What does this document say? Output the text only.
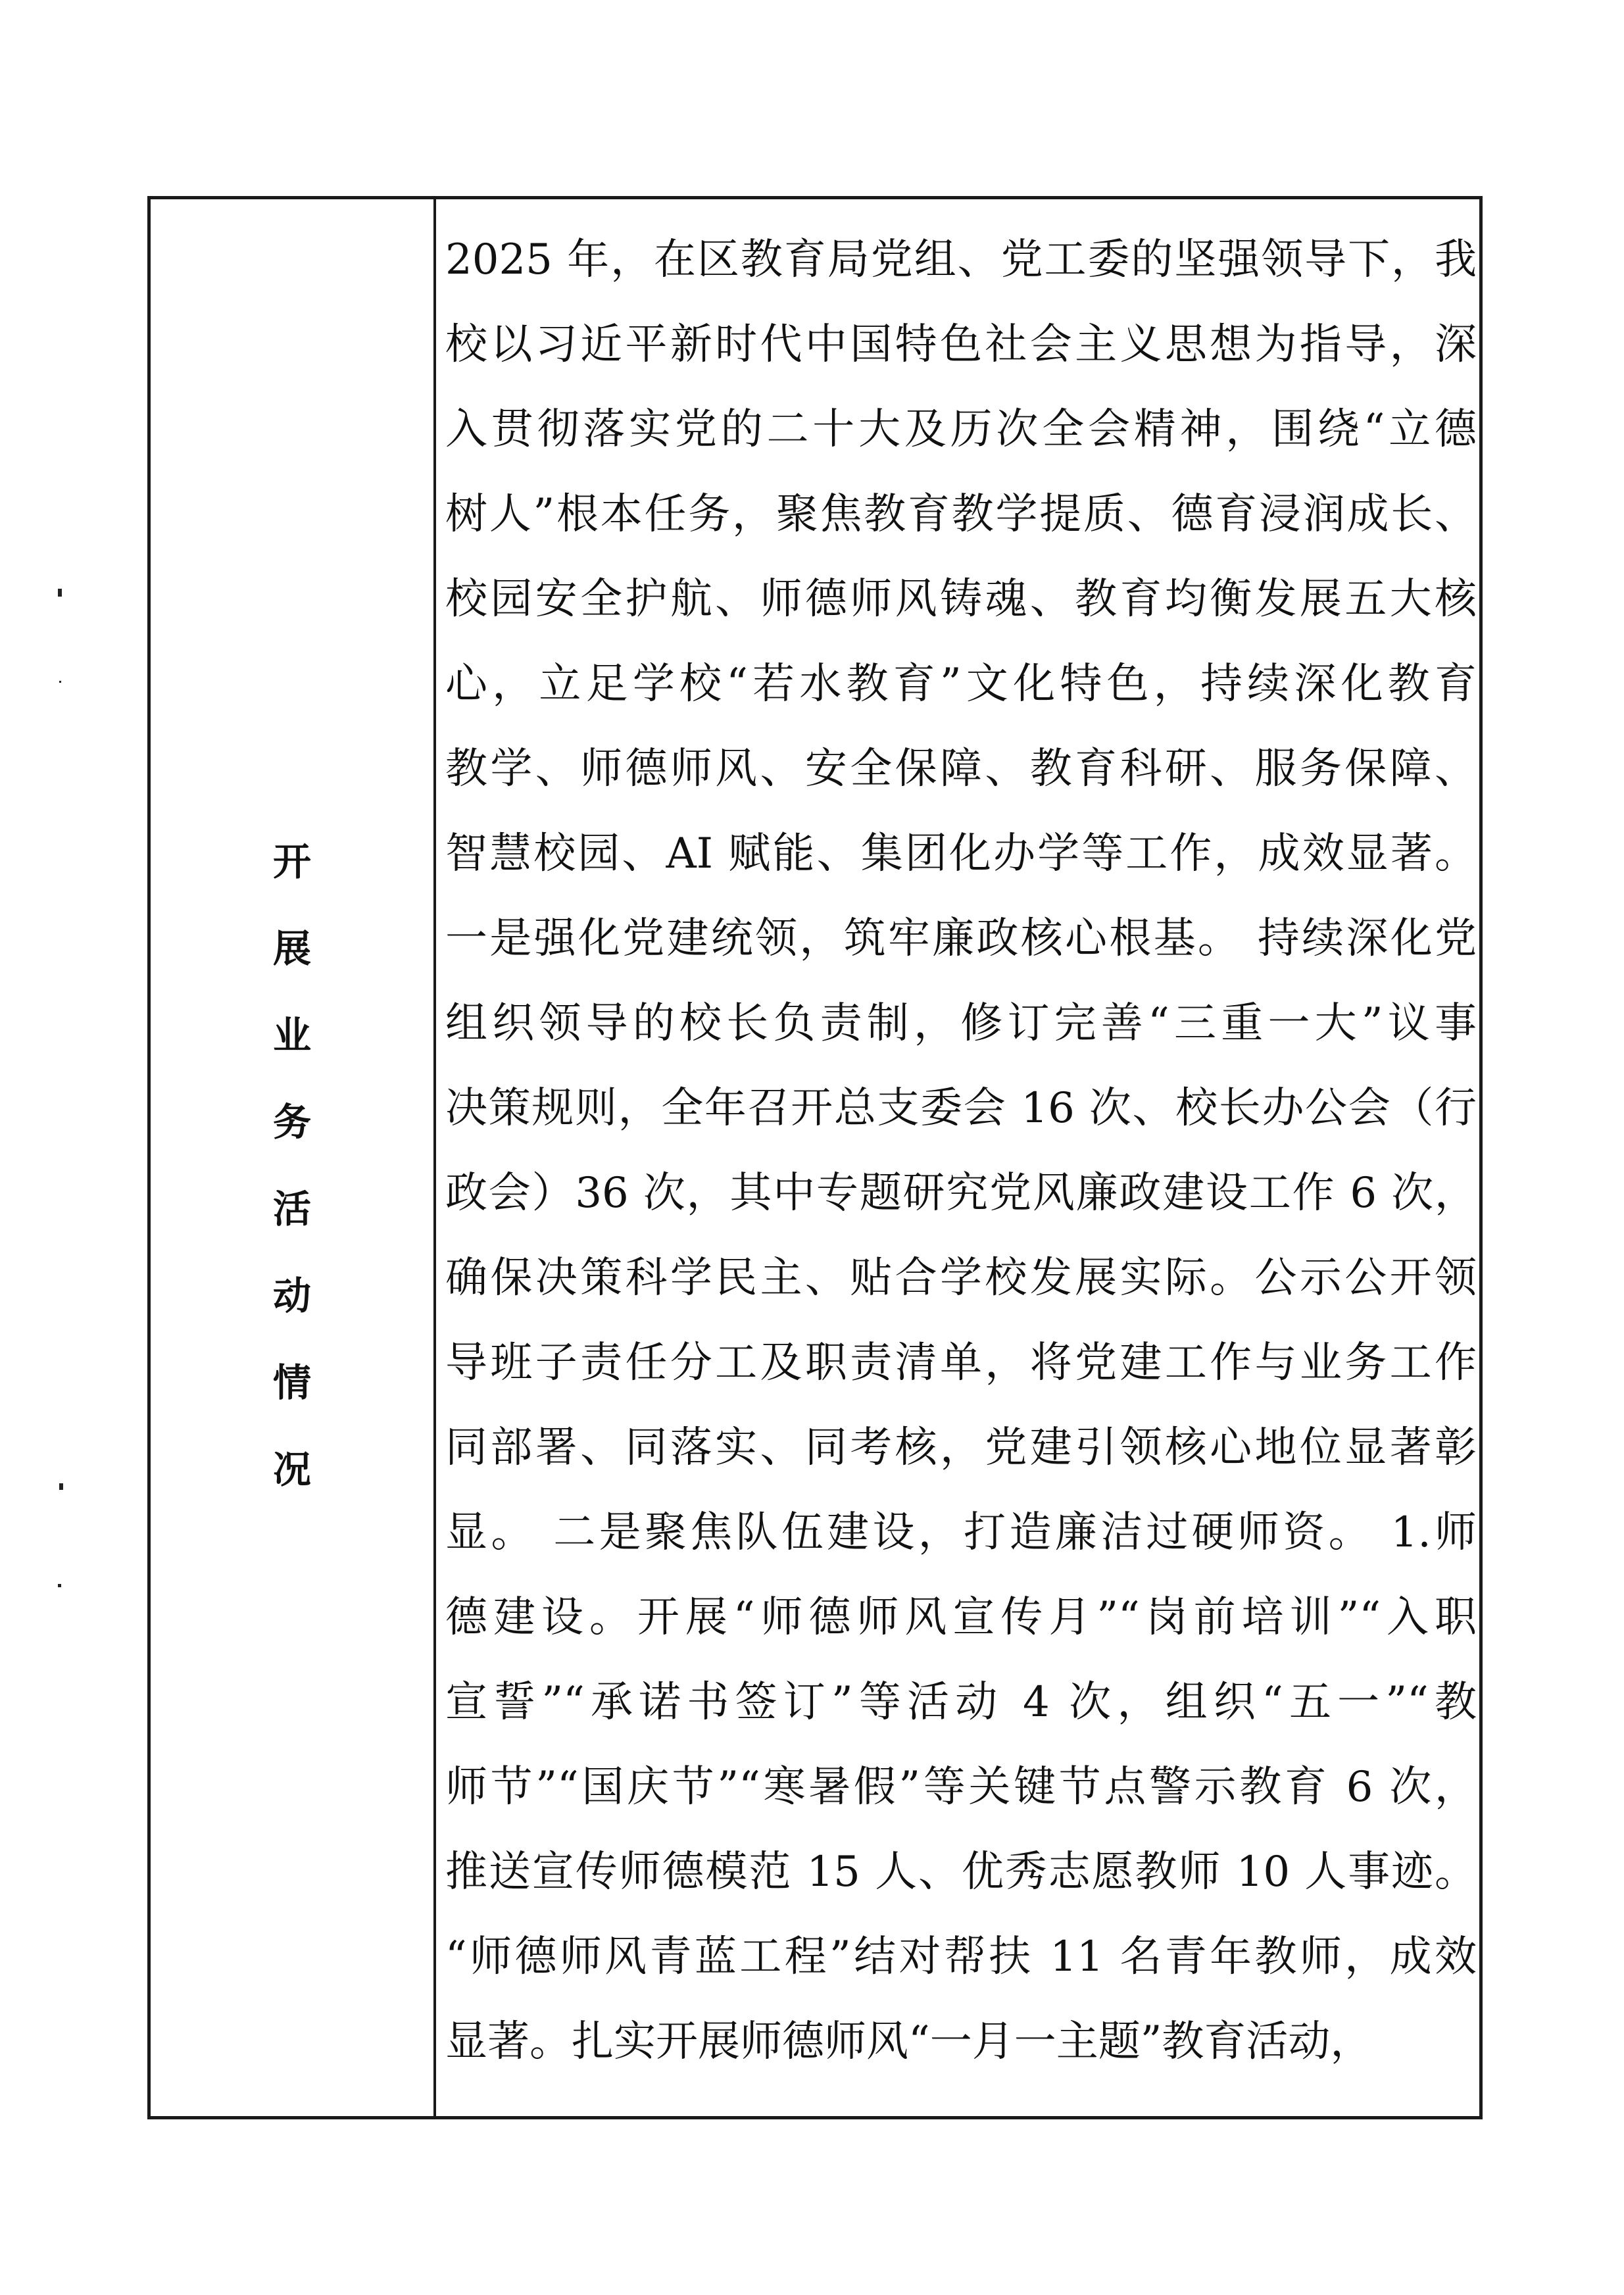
开
展
业
务
活
动
情
况
2025 年，在区教育局党组、党工委的坚强领导下，我
校以习近平新时代中国特色社会主义思想为指导，深
入贯彻落实党的二十大及历次全会精神，围绕“立德
树人”根本任务，聚焦教育教学提质、德育浸润成长、
校园安全护航、师德师风铸魂、教育均衡发展五大核
心，立足学校“若水教育”文化特色，持续深化教育
教学、师德师风、安全保障、教育科研、服务保障、
智慧校园、AI 赋能、集团化办学等工作，成效显著。
一是强化党建统领，筑牢廉政核心根基。 持续深化党
组织领导的校长负责制，修订完善“三重一大”议事
决策规则，全年召开总支委会 16 次、校长办公会（行
政会）36 次，其中专题研究党风廉政建设工作 6 次，
确保决策科学民主、贴合学校发展实际。公示公开领
导班子责任分工及职责清单，将党建工作与业务工作
同部署、同落实、同考核，党建引领核心地位显著彰
显。 二是聚焦队伍建设，打造廉洁过硬师资。 1.师
德建设。开展“师德师风宣传月”“岗前培训”“入职
宣誓”“承诺书签订”等活动 4 次，组织“五一”“教
师节”“国庆节”“寒暑假”等关键节点警示教育 6 次，
推送宣传师德模范 15 人、优秀志愿教师 10 人事迹。
“师德师风青蓝工程”结对帮扶 11 名青年教师，成效
显著。扎实开展师德师风“一月一主题”教育活动，
